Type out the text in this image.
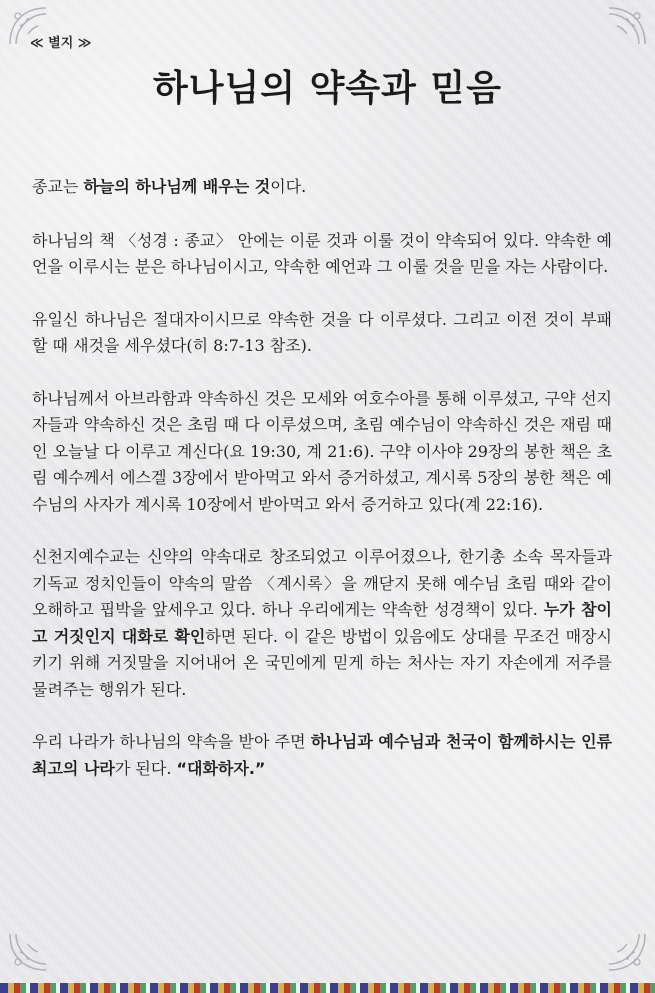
≪ 별지 ≫
하나님의 약속과 믿음

종교는 하늘의 하나님께 배우는 것이다.

하나님의 책 〈성경 : 종교〉 안에는 이룬 것과 이룰 것이 약속되어 있다. 약속한 예언을 이루시는 분은 하나님이시고, 약속한 예언과 그 이룰 것을 믿을 자는 사람이다.

유일신 하나님은 절대자이시므로 약속한 것을 다 이루셨다. 그리고 이전 것이 부패할 때 새것을 세우셨다(히 8:7-13 참조).

하나님께서 아브라함과 약속하신 것은 모세와 여호수아를 통해 이루셨고, 구약 선지자들과 약속하신 것은 초림 때 다 이루셨으며, 초림 예수님이 약속하신 것은 재림 때인 오늘날 다 이루고 계신다(요 19:30, 계 21:6). 구약 이사야 29장의 봉한 책은 초림 예수께서 에스겔 3장에서 받아먹고 와서 증거하셨고, 계시록 5장의 봉한 책은 예수님의 사자가 계시록 10장에서 받아먹고 와서 증거하고 있다(계 22:16).

신천지예수교는 신약의 약속대로 창조되었고 이루어졌으나, 한기총 소속 목자들과 기독교 정치인들이 약속의 말씀 〈계시록〉을 깨닫지 못해 예수님 초림 때와 같이 오해하고 핍박을 앞세우고 있다. 하나 우리에게는 약속한 성경책이 있다. 누가 참이고 거짓인지 대화로 확인하면 된다. 이 같은 방법이 있음에도 상대를 무조건 매장시키기 위해 거짓말을 지어내어 온 국민에게 믿게 하는 처사는 자기 자손에게 저주를 물려주는 행위가 된다.

우리 나라가 하나님의 약속을 받아 주면 하나님과 예수님과 천국이 함께하시는 인류 최고의 나라가 된다. “대화하자.”
